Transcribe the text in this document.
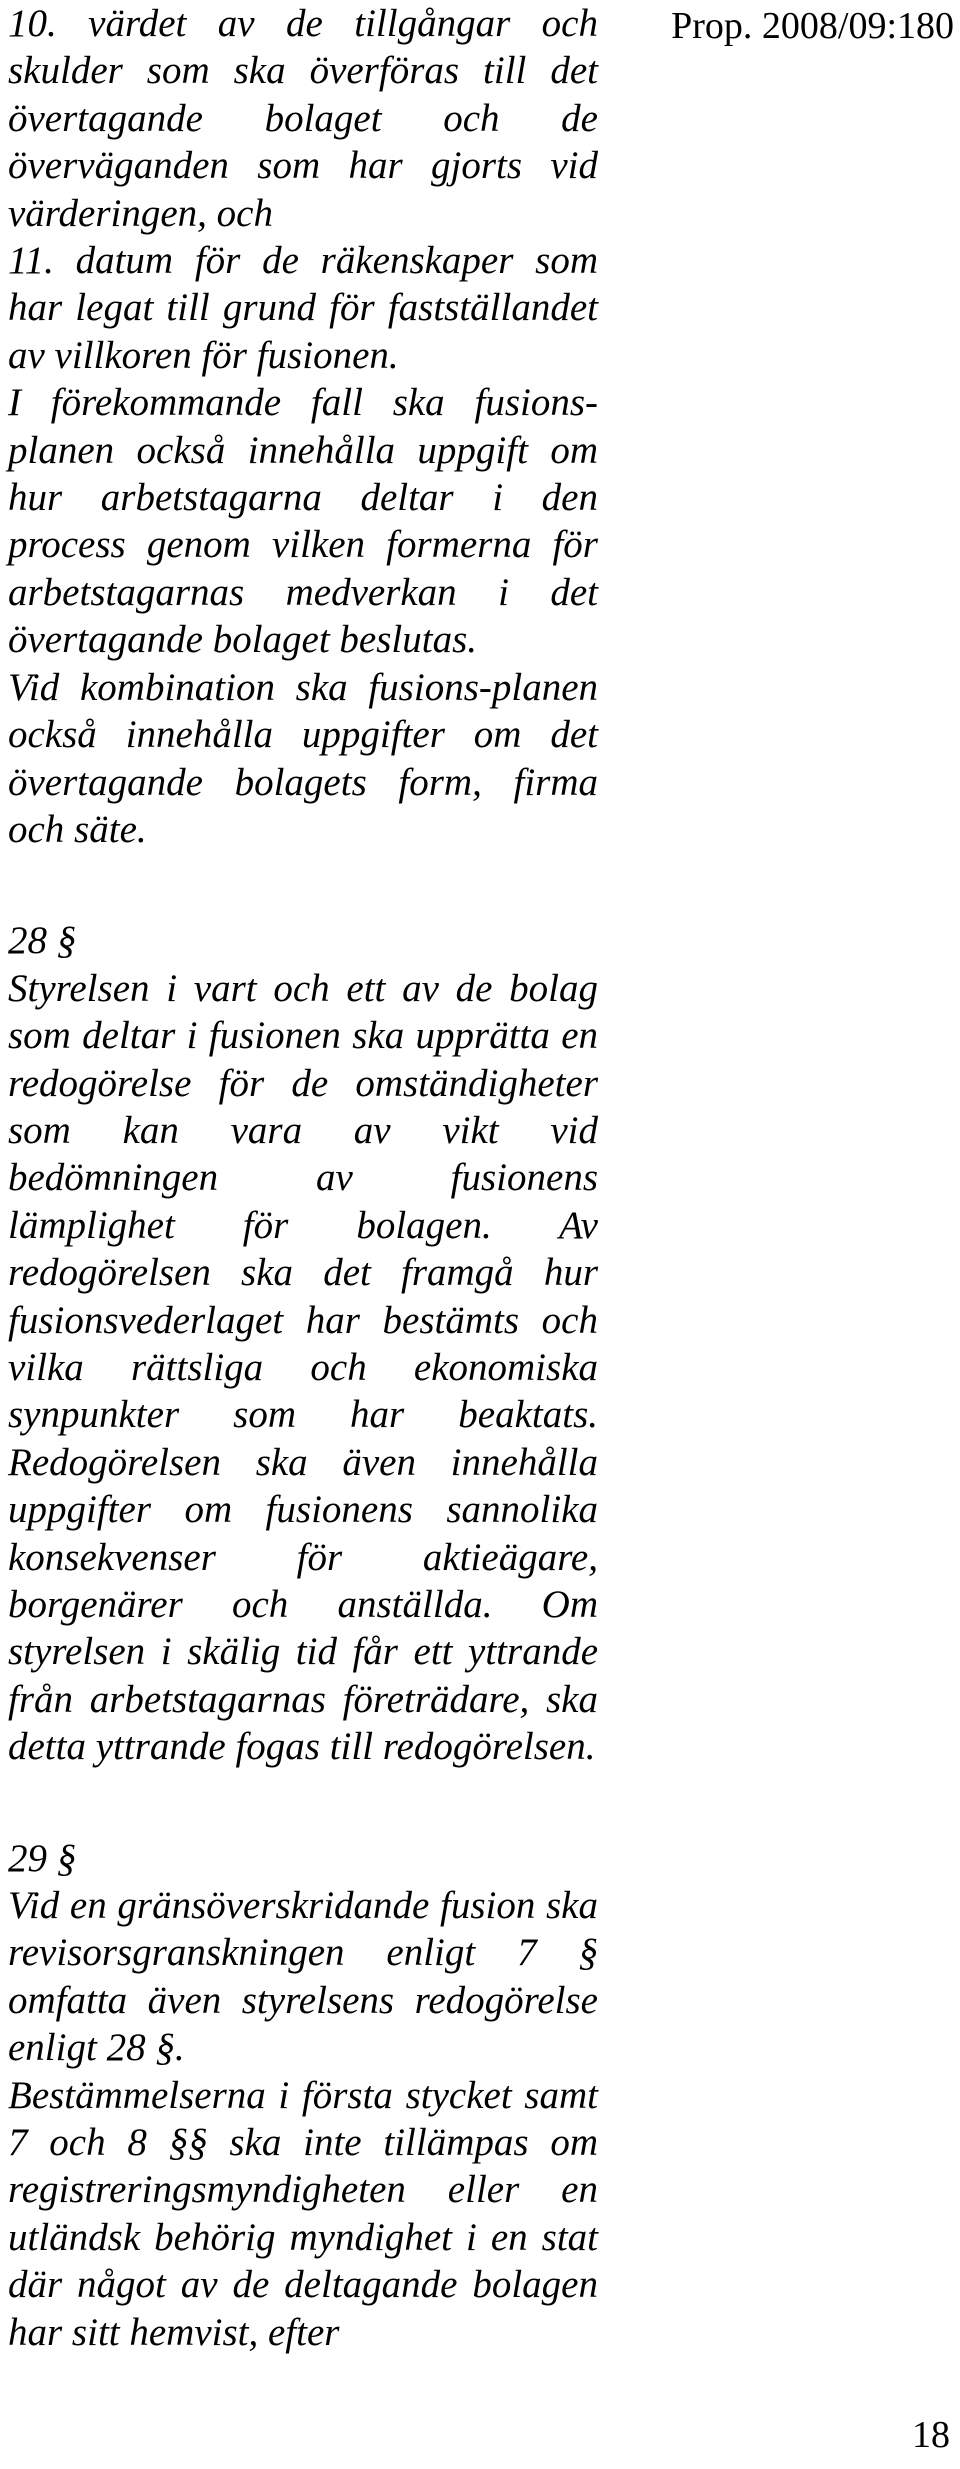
Prop. 2008/09:180

10. värdet av de tillgångar och skulder som ska överföras till det övertagande bolaget och de överväganden som har gjorts vid värderingen, och

11. datum för de räkenskaper som har legat till grund för fastställandet av villkoren för fusionen.

I förekommande fall ska fusions-planen också innehålla uppgift om hur arbetstagarna deltar i den process genom vilken formerna för arbetstagarnas medverkan i det övertagande bolaget beslutas.

Vid kombination ska fusions-planen också innehålla uppgifter om det övertagande bolagets form, firma och säte.

28 §

Styrelsen i vart och ett av de bolag som deltar i fusionen ska upprätta en redogörelse för de omständigheter som kan vara av vikt vid bedömningen av fusionens lämplighet för bolagen. Av redogörelsen ska det framgå hur fusionsvederlaget har bestämts och vilka rättsliga och ekonomiska synpunkter som har beaktats. Redogörelsen ska även innehålla uppgifter om fusionens sannolika konsekvenser för aktieägare, borgenärer och anställda. Om styrelsen i skälig tid får ett yttrande från arbetstagarnas företrädare, ska detta yttrande fogas till redogörelsen.

29 §

Vid en gränsöverskridande fusion ska revisorsgranskningen enligt 7 § omfatta även styrelsens redogörelse enligt 28 §.

Bestämmelserna i första stycket samt 7 och 8 §§ ska inte tillämpas om registreringsmyndigheten eller en utländsk behörig myndighet i en stat där något av de deltagande bolagen har sitt hemvist, efter

18
